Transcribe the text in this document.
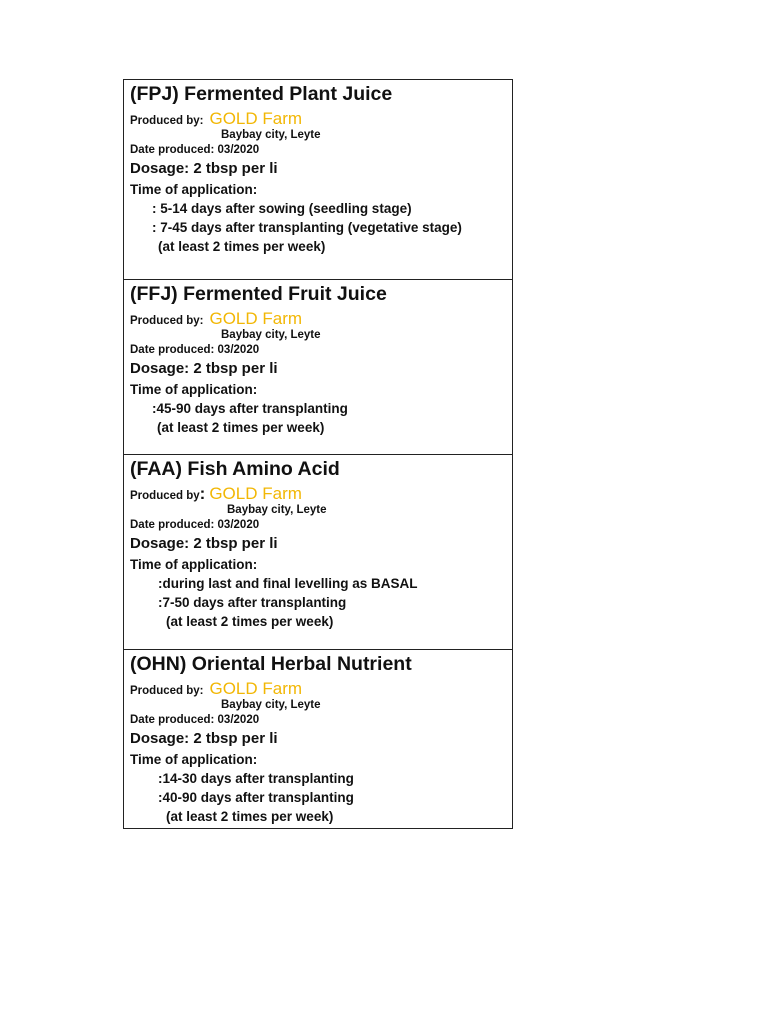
(FPJ) Fermented Plant Juice
Produced by: GOLD Farm
Baybay city, Leyte
Date produced: 03/2020
Dosage: 2 tbsp per li
Time of application:
: 5-14 days after sowing (seedling stage)
: 7-45 days after transplanting (vegetative stage)
(at least 2 times per week)
(FFJ) Fermented Fruit Juice
Produced by: GOLD Farm
Baybay city, Leyte
Date produced: 03/2020
Dosage: 2 tbsp per li
Time of application:
:45-90 days after transplanting
(at least 2 times per week)
(FAA) Fish Amino Acid
Produced by : GOLD Farm
Baybay city, Leyte
Date produced: 03/2020
Dosage: 2 tbsp per li
Time of application:
:during last and final levelling as BASAL
:7-50 days after transplanting
(at least 2 times per week)
(OHN) Oriental Herbal Nutrient
Produced by: GOLD Farm
Baybay city, Leyte
Date produced: 03/2020
Dosage: 2 tbsp per li
Time of application:
:14-30 days after transplanting
:40-90 days after transplanting
(at least 2 times per week)
